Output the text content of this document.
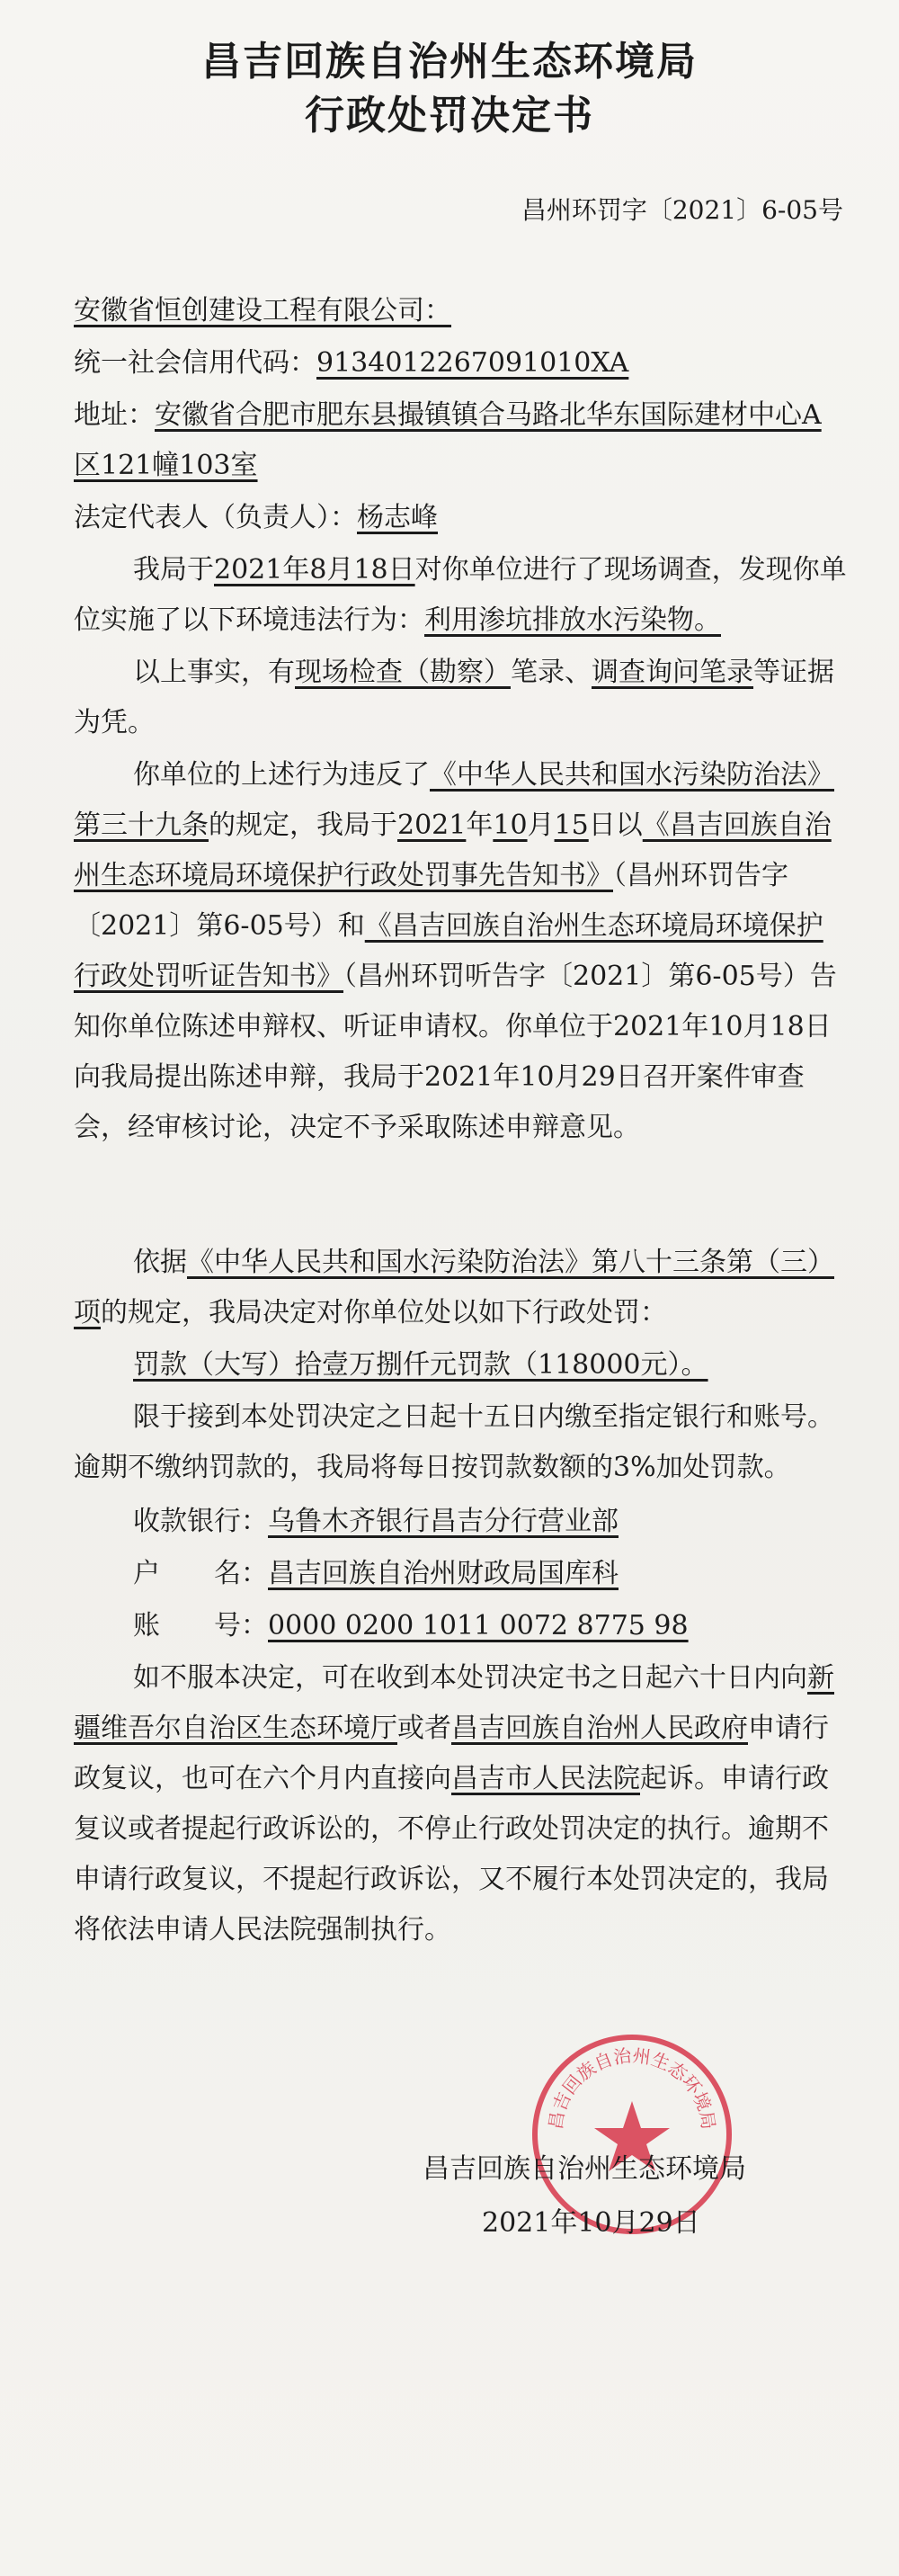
昌吉回族自治州生态环境局
行政处罚决定书
昌州环罚字〔2021〕6-05号
安徽省恒创建设工程有限公司：
统一社会信用代码：9134012267091010XA
地址：安徽省合肥市肥东县撮镇镇合马路北华东国际建材中心A区121幢103室
法定代表人（负责人）：杨志峰
我局于2021年8月18日对你单位进行了现场调查，发现你单位实施了以下环境违法行为：利用渗坑排放水污染物。
以上事实，有现场检查（勘察）笔录、调查询问笔录等证据为凭。
你单位的上述行为违反了《中华人民共和国水污染防治法》第三十九条的规定，我局于2021年10月15日以《昌吉回族自治州生态环境局环境保护行政处罚事先告知书》（昌州环罚告字〔2021〕第6-05号）和《昌吉回族自治州生态环境局环境保护行政处罚听证告知书》（昌州环罚听告字〔2021〕第6-05号）告知你单位陈述申辩权、听证申请权。你单位于2021年10月18日向我局提出陈述申辩，我局于2021年10月29日召开案件审查会，经审核讨论，决定不予采取陈述申辩意见。
依据《中华人民共和国水污染防治法》第八十三条第（三）项的规定，我局决定对你单位处以如下行政处罚：
罚款（大写）拾壹万捌仟元罚款（118000元）。
限于接到本处罚决定之日起十五日内缴至指定银行和账号。逾期不缴纳罚款的，我局将每日按罚款数额的3%加处罚款。
收款银行：乌鲁木齐银行昌吉分行营业部
户　　名：昌吉回族自治州财政局国库科
账　　号：0000 0200 1011 0072 8775 98
如不服本决定，可在收到本处罚决定书之日起六十日内向新疆维吾尔自治区生态环境厅或者昌吉回族自治州人民政府申请行政复议，也可在六个月内直接向昌吉市人民法院起诉。申请行政复议或者提起行政诉讼的，不停止行政处罚决定的执行。逾期不申请行政复议，不提起行政诉讼，又不履行本处罚决定的，我局将依法申请人民法院强制执行。
昌吉回族自治州生态环境局
昌吉回族自治州生态环境局
2021年10月29日
